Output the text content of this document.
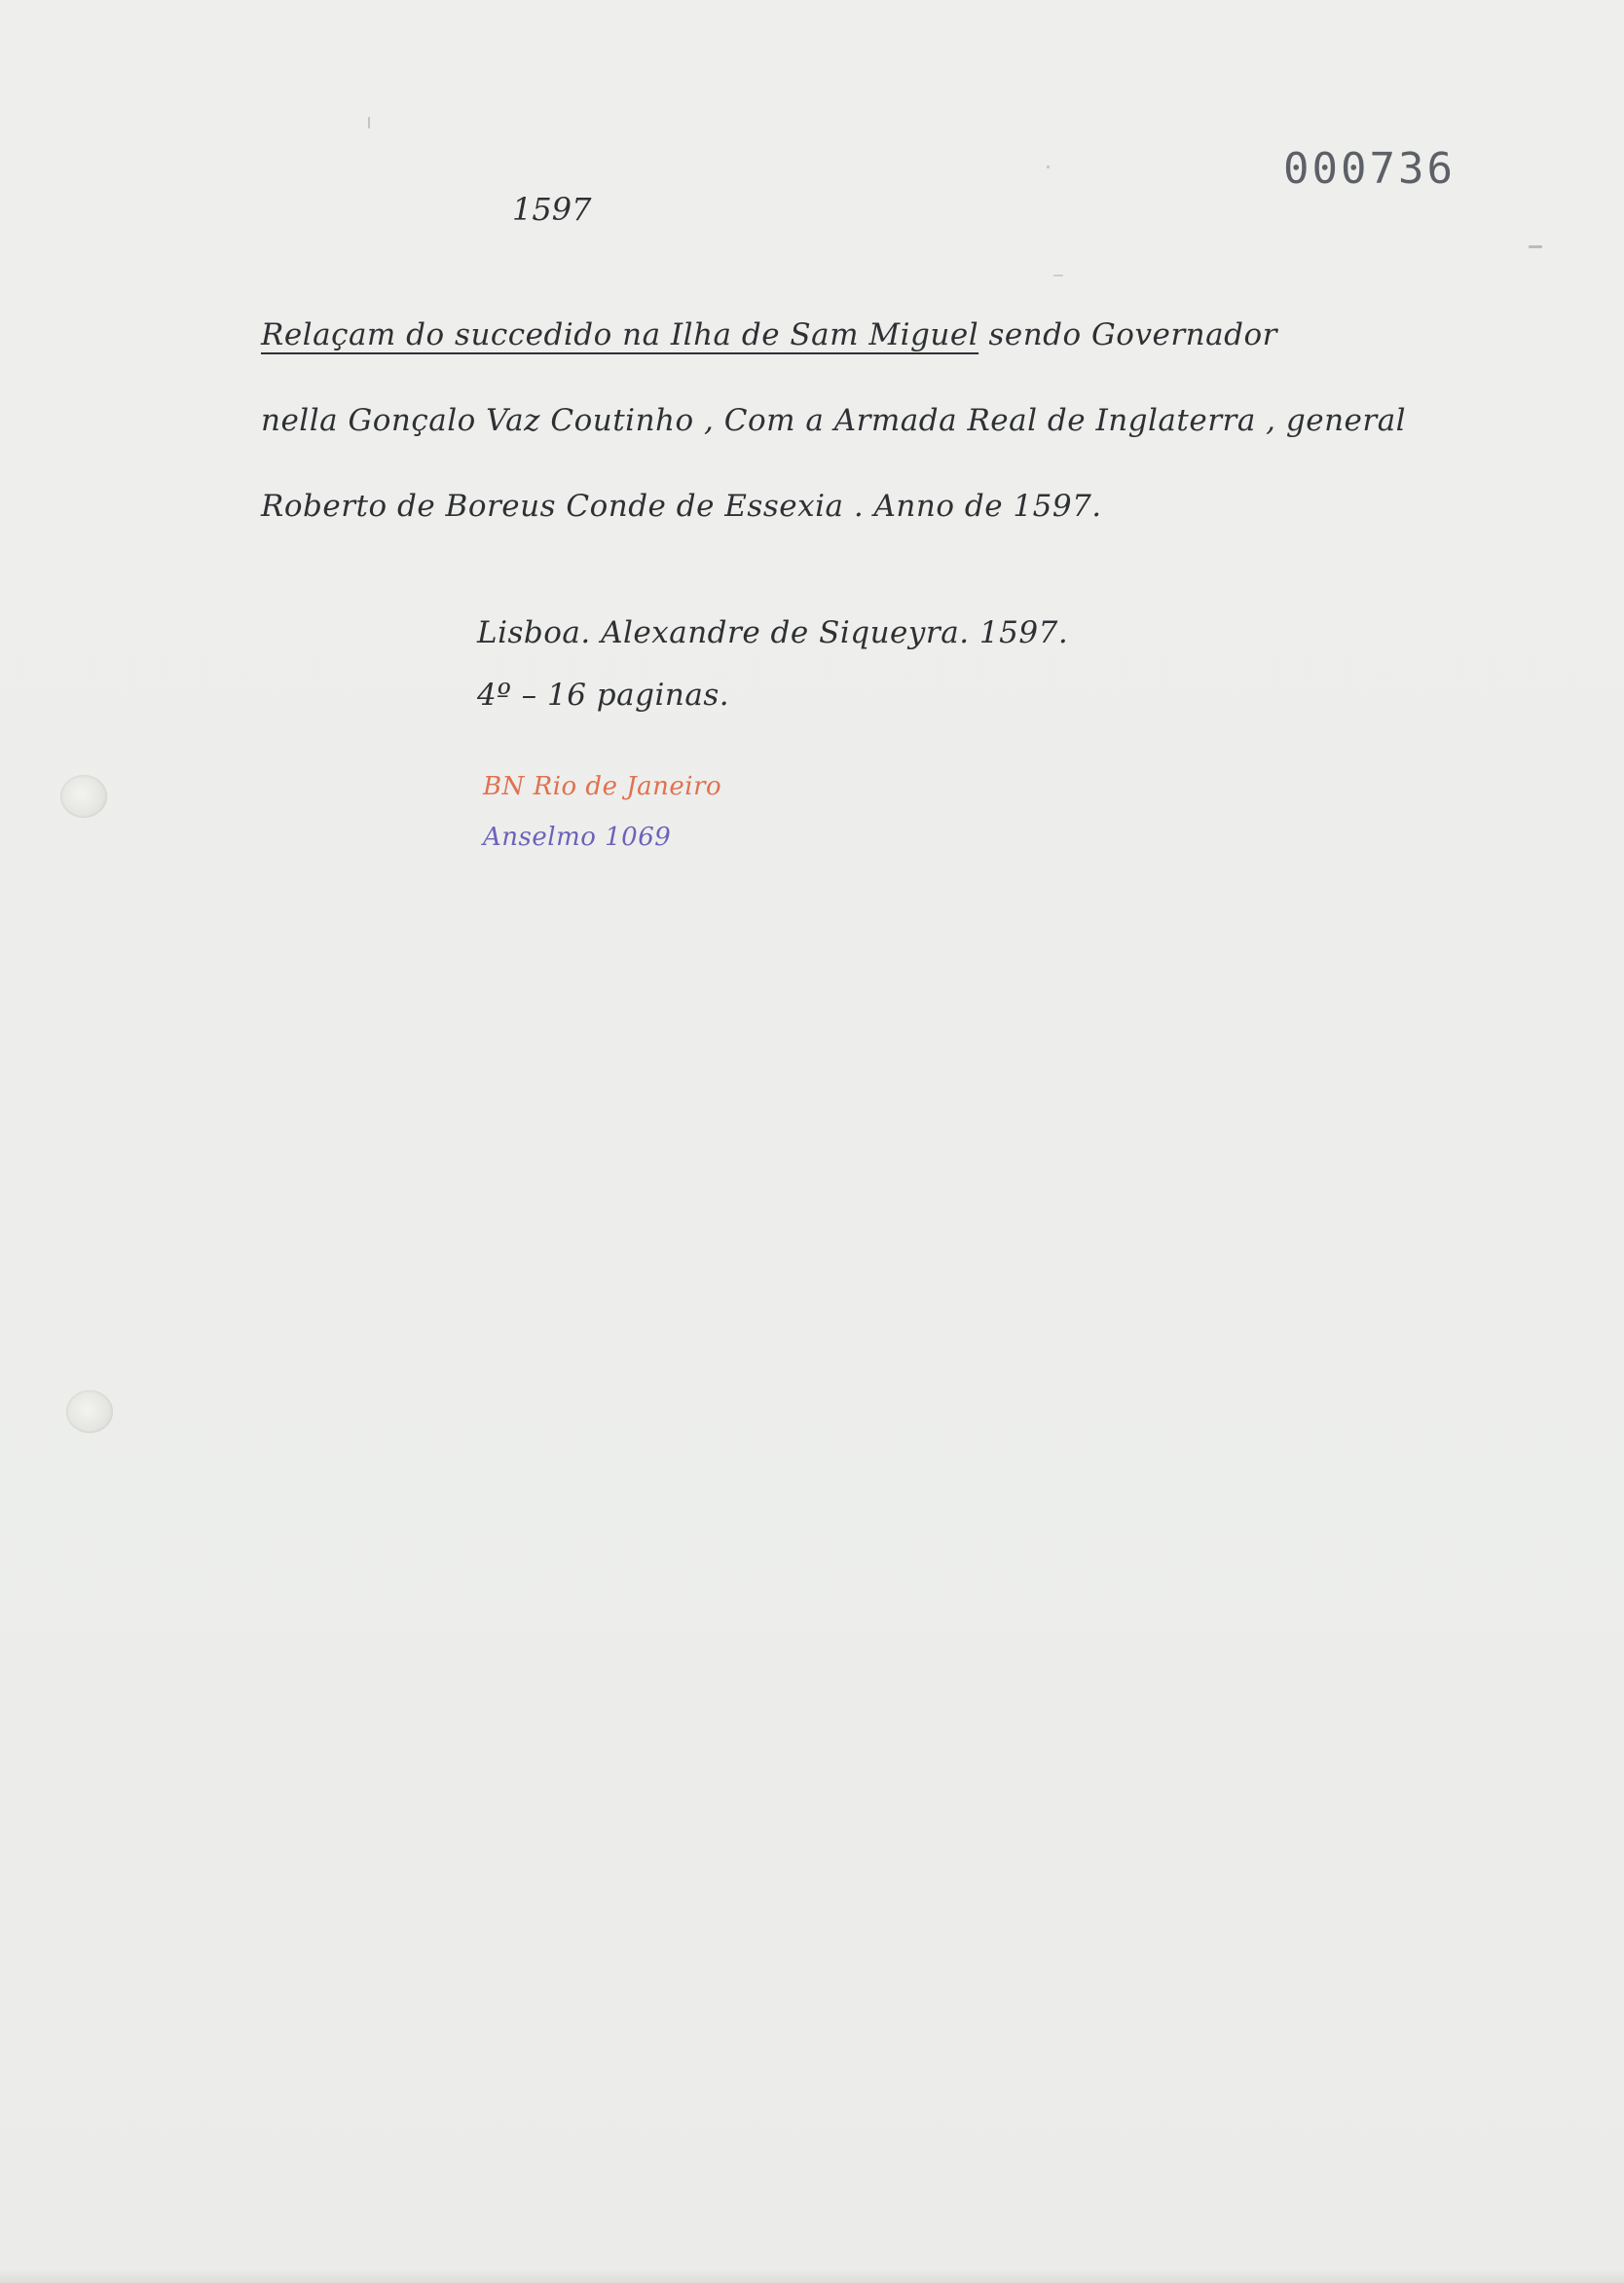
000736
1597
Relaçam do succedido na Ilha de Sam Miguel sendo Governador
nella Gonçalo Vaz Coutinho , Com a Armada Real de Inglaterra , general
Roberto de Boreus Conde de Essexia . Anno de 1597.
Lisboa. Alexandre de Siqueyra. 1597.
4º – 16 paginas.
BN Rio de Janeiro
Anselmo 1069
